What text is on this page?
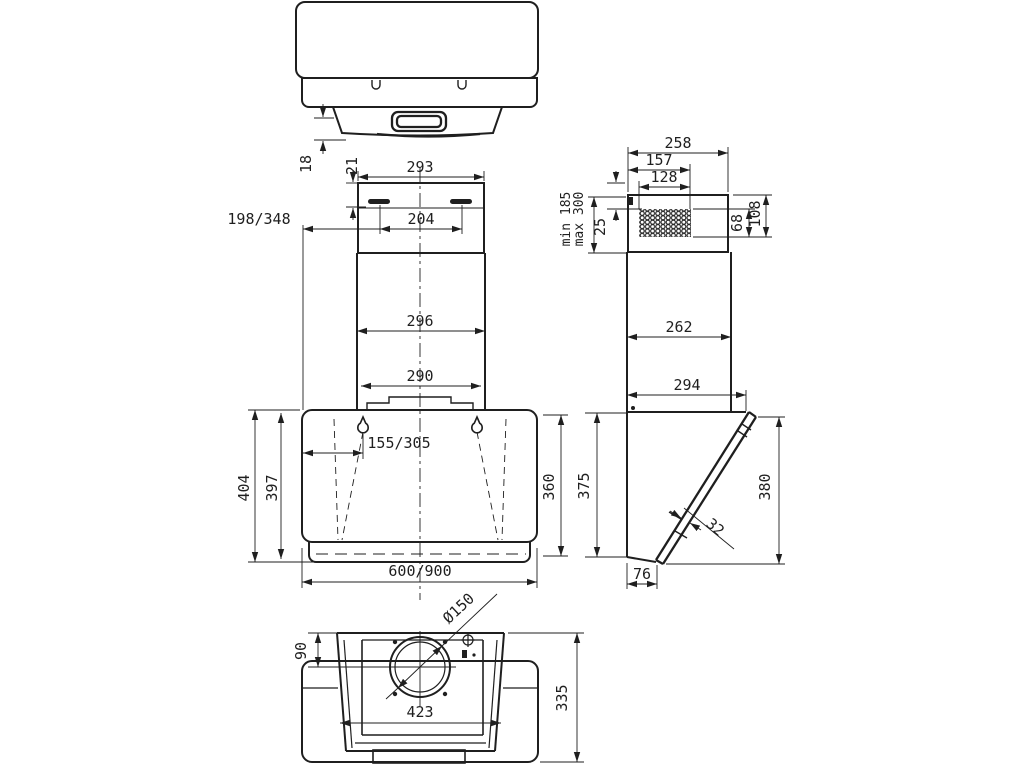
18 21	293
204
198/348
296
290
155/305
404 397	360 375
600/900
258
157
128
25
min 185
max 300	68 108
262
294
380
32
76
Ø150
90
423
335
